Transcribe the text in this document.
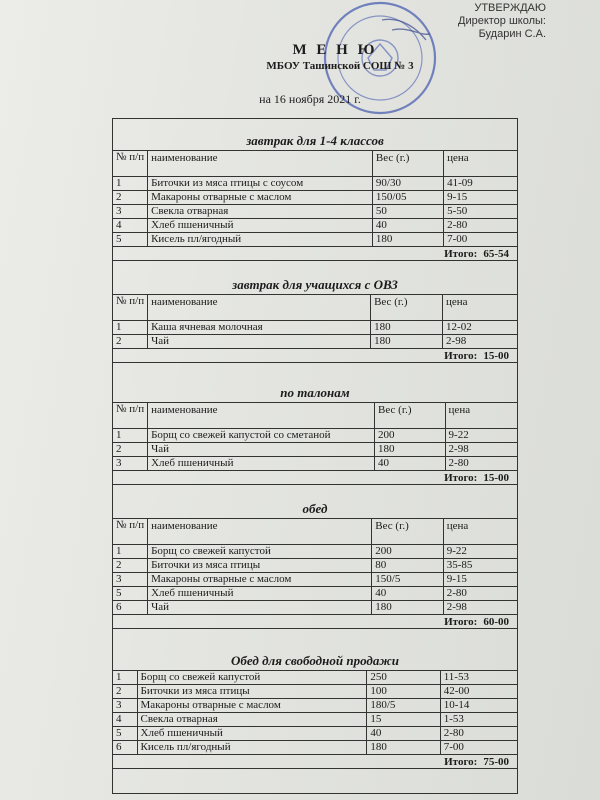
УТВЕРЖДАЮ
Директор школы:
Бударин С.А.
М Е Н Ю
МБОУ Ташинской СОШ № 3
на 16 ноября 2021 г.
завтрак для 1-4 классов
№ п/п	наименование	Вес (г.)	цена
1	Биточки из мяса птицы с соусом	90/30	41-09
2	Макароны отварные с маслом	150/05	9-15
3	Свекла отварная	50	5-50
4	Хлеб пшеничный	40	2-80
5	Кисель пл/ягодный	180	7-00
Итого: 65-54
завтрак для учащихся с ОВЗ
№ п/п	наименование	Вес (г.)	цена
1	Каша ячневая молочная	180	12-02
2	Чай	180	2-98
Итого: 15-00
по талонам
№ п/п	наименование	Вес (г.)	цена
1	Борщ со свежей капустой со сметаной	200	9-22
2	Чай	180	2-98
3	Хлеб пшеничный	40	2-80
Итого: 15-00
обед
№ п/п	наименование	Вес (г.)	цена
1	Борщ со свежей капустой	200	9-22
2	Биточки из мяса птицы	80	35-85
3	Макароны отварные с маслом	150/5	9-15
5	Хлеб пшеничный	40	2-80
6	Чай	180	2-98
Итого: 60-00
Обед для свободной продажи
1	Борщ со свежей капустой	250	11-53
2	Биточки из мяса птицы	100	42-00
3	Макароны отварные с маслом	180/5	10-14
4	Свекла отварная	15	1-53
5	Хлеб пшеничный	40	2-80
6	Кисель пл/ягодный	180	7-00
Итого: 75-00
